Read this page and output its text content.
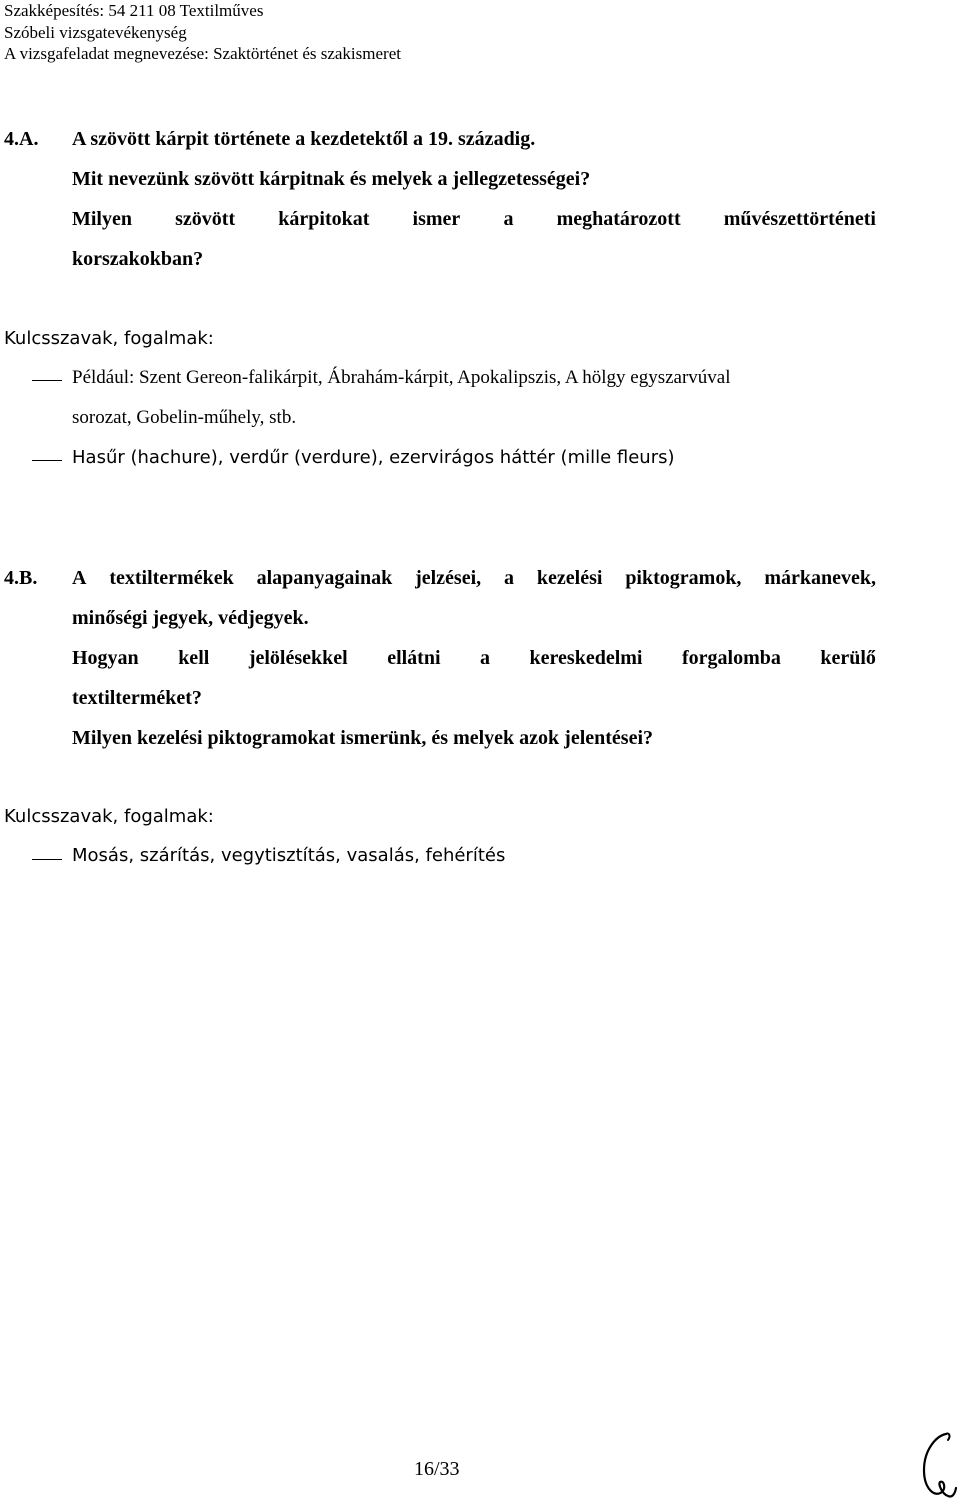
Szakképesítés: 54 211 08 Textilműves
Szóbeli vizsgatevékenység
A vizsgafeladat megnevezése: Szaktörténet és szakismeret
4.A. A szövött kárpit története a kezdetektől a 19. századig.
Mit nevezünk szövött kárpitnak és melyek a jellegzetességei?
Milyen szövött kárpitokat ismer a meghatározott művészettörténeti
korszakokban?
Kulcsszavak, fogalmak:
Például: Szent Gereon-falikárpit, Ábrahám-kárpit, Apokalipszis, A hölgy egyszarvúval
sorozat, Gobelin-műhely, stb.
Hasűr (hachure), verdűr (verdure), ezervirágos háttér (mille fleurs)
4.B. A textiltermékek alapanyagainak jelzései, a kezelési piktogramok, márkanevek,
minőségi jegyek, védjegyek.
Hogyan kell jelölésekkel ellátni a kereskedelmi forgalomba kerülő
textilterméket?
Milyen kezelési piktogramokat ismerünk, és melyek azok jelentései?
Kulcsszavak, fogalmak:
Mosás, szárítás, vegytisztítás, vasalás, fehérítés
16/33
